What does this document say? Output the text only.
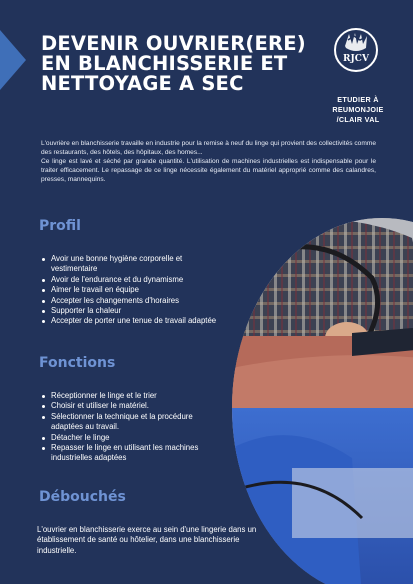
DEVENIR OUVRIER(ERE) EN BLANCHISSERIE ET NETTOYAGE A SEC
RJCV
ETUDIER À
REUMONJOIE
/CLAIR VAL

L'ouvrière en blanchisserie travaille en industrie pour la remise à neuf du linge qui provient des collectivités comme des restaurants, des hôtels, des hôpitaux, des homes...

Ce linge est lavé et séché par grande quantité. L'utilisation de machines industrielles est indispensable pour le traiter efficacement. Le repassage de ce linge nécessite également du matériel approprié comme des calandres, presses, mannequins.

Profil
Avoir une bonne hygiène corporelle et vestimentaire
Avoir de l'endurance et du dynamisme
Aimer le travail en équipe
Accepter les changements d'horaires
Supporter la chaleur
Accepter de porter une tenue de travail adaptée
Fonctions
Réceptionner le linge et le trier
Choisir et utiliser le matériel.
Sélectionner la technique et la procédure adaptées au travail.
Détacher le linge
Repasser le linge en utilisant les machines industrielles adaptées
Débouchés

L'ouvrier en blanchisserie exerce au sein d'une lingerie dans un établissement de santé ou hôtelier, dans une blanchisserie industrielle.
